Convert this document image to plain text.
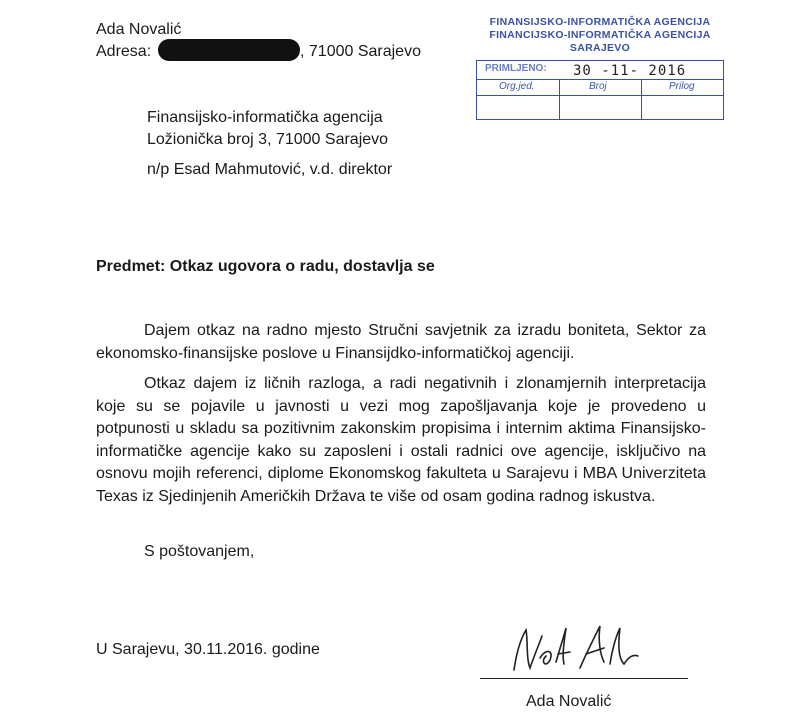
Ada Novalić
Adresa:	, 71000 Sarajevo
FINANSIJSKO-INFORMATIČKA AGENCIJA
FINANCIJSKO-INFORMATIČKA AGENCIJA
SARAJEVO
PRIMLJENO: 30 -11- 2016
Org.jed.	Broj	Prilog
Finansijsko-informatička agencija
Ložionička broj 3, 71000 Sarajevo
n/p Esad Mahmutović, v.d. direktor
Predmet: Otkaz ugovora o radu, dostavlja se
Dajem otkaz na radno mjesto Stručni savjetnik za izradu boniteta, Sektor za
ekonomsko-finansijske poslove u Finansijdko-informatičkoj agenciji.
Otkaz dajem iz ličnih razloga, a radi negativnih i zlonamjernih interpretacija
koje su se pojavile u javnosti u vezi mog zapošljavanja koje je provedeno u
potpunosti u skladu sa pozitivnim zakonskim propisima i internim aktima Finansijsko-
informatičke agencije kako su zaposleni i ostali radnici ove agencije, isključivo na
osnovu mojih referenci, diplome Ekonomskog fakulteta u Sarajevu i MBA Univerziteta
Texas iz Sjedinjenih Američkih Država te više od osam godina radnog iskustva.
S poštovanjem,
U Sarajevu, 30.11.2016. godine
Ada Novalić
